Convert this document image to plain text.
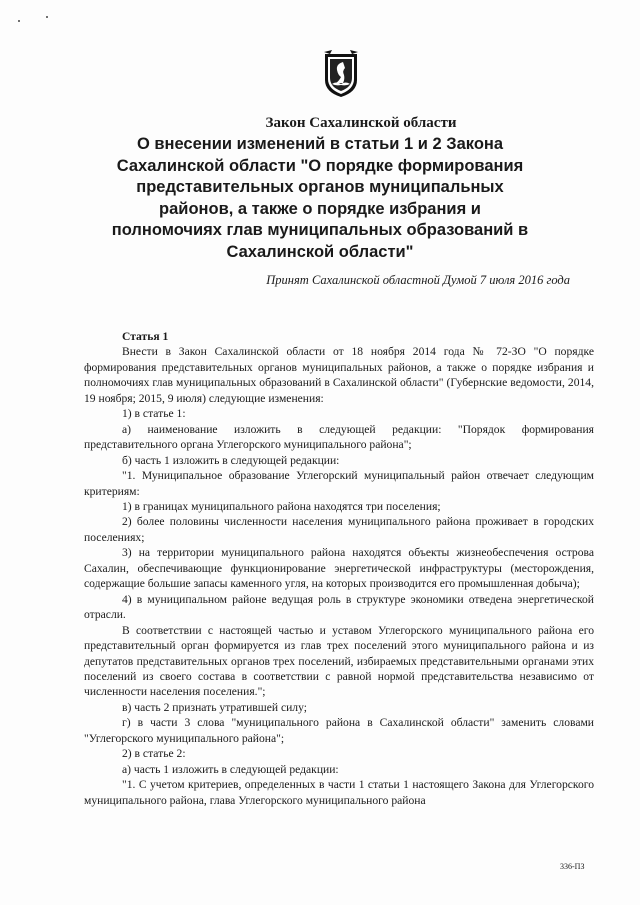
Закон Сахалинской области
О внесении изменений в статьи 1 и 2 Закона
Сахалинской области "О порядке формирования
представительных органов муниципальных
районов, а также о порядке избрания и
полномочиях глав муниципальных образований в
Сахалинской области"
Принят Сахалинской областной Думой 7 июля 2016 года

Статья 1

Внести в Закон Сахалинской области от 18 ноября 2014 года № 72-ЗО "О порядке формирования представительных органов муниципальных районов, а также о порядке избрания и полномочиях глав муниципальных образований в Сахалинской области" (Губернские ведомости, 2014, 19 ноября; 2015, 9 июля) следующие изменения:

1) в статье 1:

а) наименование изложить в следующей редакции: "Порядок формирования представительного органа Углегорского муниципального района";

б) часть 1 изложить в следующей редакции:

"1. Муниципальное образование Углегорский муниципальный район отвечает следующим критериям:

1) в границах муниципального района находятся три поселения;

2) более половины численности населения муниципального района проживает в городских поселениях;

3) на территории муниципального района находятся объекты жизнеобеспечения острова Сахалин, обеспечивающие функционирование энергетической инфраструктуры (месторождения, содержащие большие запасы каменного угля, на которых производится его промышленная добыча);

4) в муниципальном районе ведущая роль в структуре экономики отведена энергетической отрасли.

В соответствии с настоящей частью и уставом Углегорского муниципального района его представительный орган формируется из глав трех поселений этого муниципального района и из депутатов представительных органов трех поселений, избираемых представительными органами этих поселений из своего состава в соответствии с равной нормой представительства независимо от численности населения поселения.";

в) часть 2 признать утратившей силу;

г) в части 3 слова "муниципального района в Сахалинской области" заменить словами "Углегорского муниципального района";

2) в статье 2:

а) часть 1 изложить в следующей редакции:

"1. С учетом критериев, определенных в части 1 статьи 1 настоящего Закона для Углегорского муниципального района, глава Углегорского муниципального района

336-ПЗ
